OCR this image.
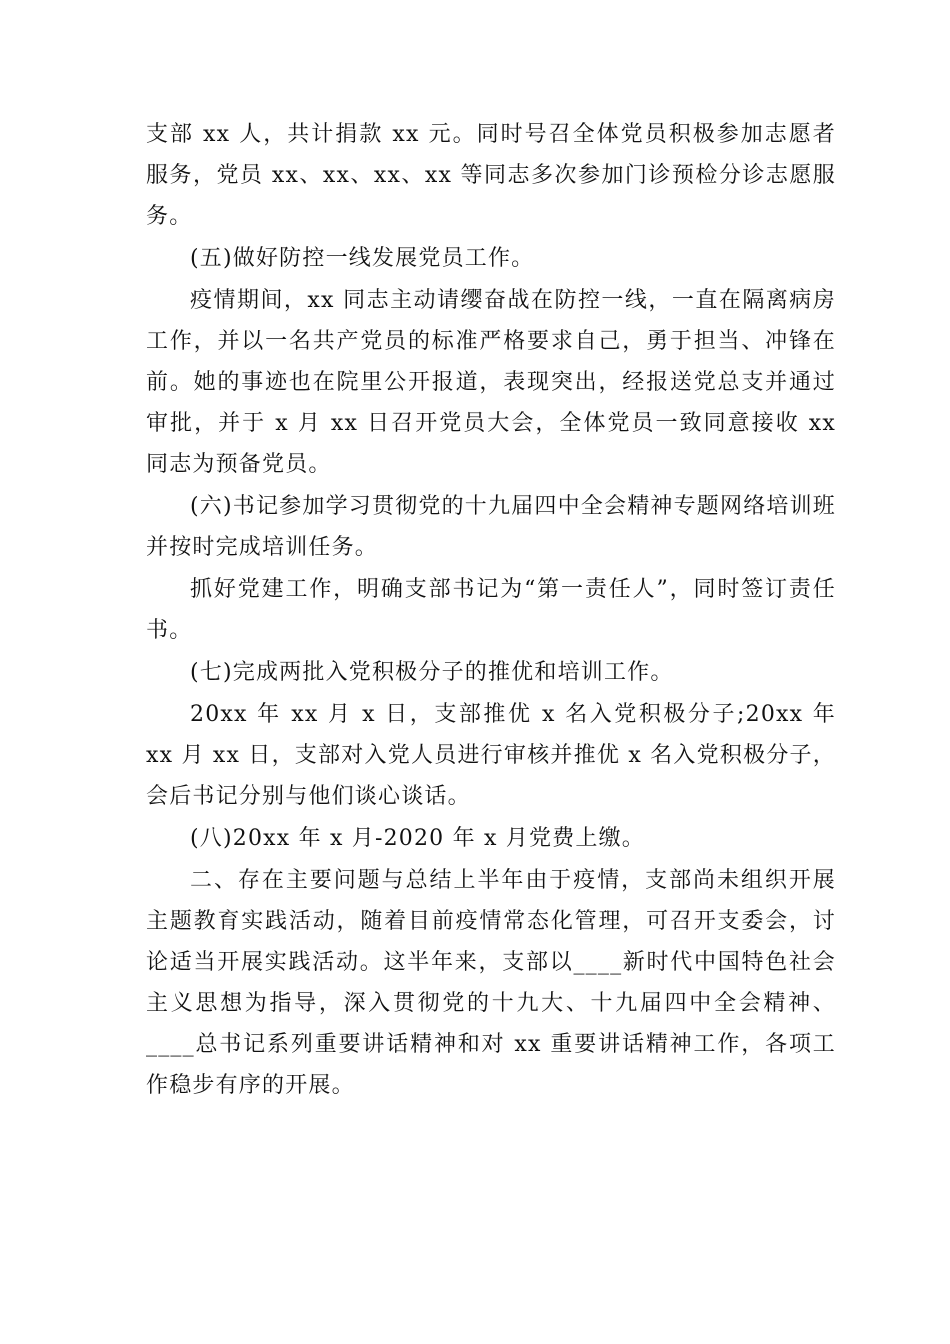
支部 xx 人，共计捐款 xx 元。同时号召全体党员积极参加志愿者服务，党员 xx、xx、xx、xx 等同志多次参加门诊预检分诊志愿服务。

(五)做好防控一线发展党员工作。

疫情期间，xx 同志主动请缨奋战在防控一线，一直在隔离病房工作，并以一名共产党员的标准严格要求自己，勇于担当、冲锋在前。她的事迹也在院里公开报道，表现突出，经报送党总支并通过审批，并于 x 月 xx 日召开党员大会，全体党员一致同意接收 xx 同志为预备党员。

(六)书记参加学习贯彻党的十九届四中全会精神专题网络培训班并按时完成培训任务。

抓好党建工作，明确支部书记为“第一责任人”，同时签订责任书。

(七)完成两批入党积极分子的推优和培训工作。

20xx 年 xx 月 x 日，支部推优 x 名入党积极分子;20xx 年 xx 月 xx 日，支部对入党人员进行审核并推优 x 名入党积极分子，会后书记分别与他们谈心谈话。

(八)20xx 年 x 月-2020 年 x 月党费上缴。

二、存在主要问题与总结上半年由于疫情，支部尚未组织开展主题教育实践活动，随着目前疫情常态化管理，可召开支委会，讨论适当开展实践活动。这半年来，支部以____新时代中国特色社会主义思想为指导，深入贯彻党的十九大、十九届四中全会精神、____总书记系列重要讲话精神和对 xx 重要讲话精神工作，各项工作稳步有序的开展。
